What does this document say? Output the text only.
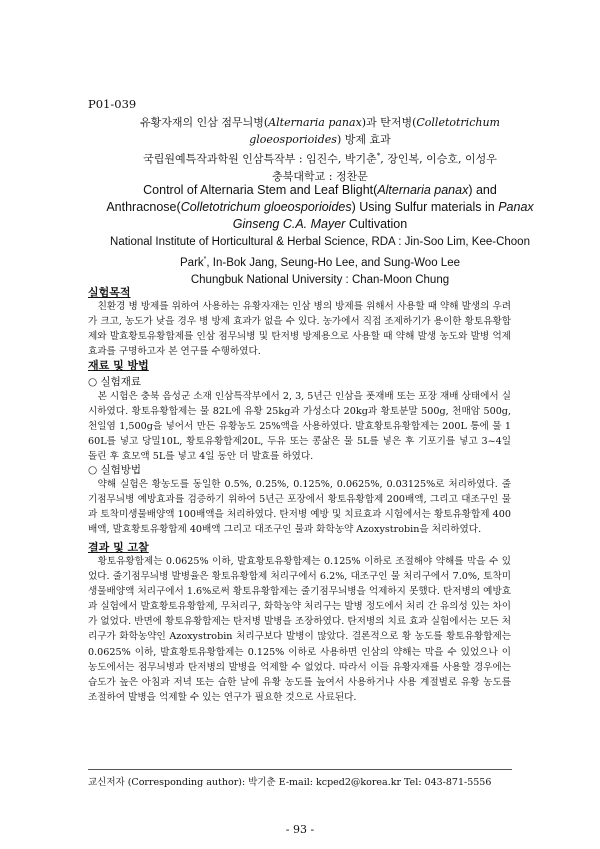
P01-039
유황자재의 인삼 점무늬병(Alternaria panax)과 탄저병(Colletotrichum
gloeosporioides) 방제 효과
국립원예특작과학원 인삼특작부 : 임진수, 박기춘*, 장인복, 이승호, 이성우
충북대학교 : 정찬문
Control of Alternaria Stem and Leaf Blight(Alternaria panax) and
Anthracnose(Colletotrichum gloeosporioides) Using Sulfur materials in Panax
Ginseng C.A. Mayer Cultivation
National Institute of Horticultural & Herbal Science, RDA : Jin-Soo Lim, Kee-Choon
Park*, In-Bok Jang, Seung-Ho Lee, and Sung-Woo Lee
Chungbuk National University : Chan-Moon Chung
실험목적
친환경 병 방제를 위하여 사용하는 유황자재는 인삼 병의 방제를 위해서 사용할 때 약해 발생의 우려가 크고, 농도가 낮을 경우 병 방제 효과가 없을 수 있다. 농가에서 직접 조제하기가 용이한 황토유황합제와 발효황토유황합제를 인삼 점무늬병 및 탄저병 방제용으로 사용할 때 약해 발생 농도와 발병 억제 효과를 구명하고자 본 연구를 수행하였다.
재료 및 방법
○ 실험재료
본 시험은 충북 음성군 소재 인삼특작부에서 2, 3, 5년근 인삼을 폿재배 또는 포장 재배 상태에서 실시하였다. 황토유황합제는 물 82L에 유황 25kg과 가성소다 20kg과 황토분말 500g, 천매암 500g, 천일염 1,500g을 넣어서 만든 유황농도 25%액을 사용하였다. 발효황토유황합제는 200L 통에 물 160L를 넣고 당밀10L, 황토유황합제20L, 두유 또는 콩삶은 물 5L를 넣은 후 기포기를 넣고 3~4일 돌린 후 효모액 5L를 넣고 4일 동안 더 발효를 하였다.
○ 실험방법
약해 실험은 황농도를 동일한 0.5%, 0.25%, 0.125%, 0.0625%, 0.03125%로 처리하였다. 줄기점무늬병 예방효과를 검증하기 위하여 5년근 포장에서 황토유황합제 200배액, 그리고 대조구인 물과 토착미생물배양액 100배액을 처리하였다. 탄저병 예방 및 치료효과 시험에서는 황토유황합제 400배액, 발효황토유황합제 40배액 그리고 대조구인 물과 화학농약 Azoxystrobin을 처리하였다.
결과 및 고찰
황토유황합제는 0.0625% 이하, 발효황토유황합제는 0.125% 이하로 조절해야 약해를 막을 수 있었다. 줄기점무늬병 발병율은 황토유황합제 처리구에서 6.2%, 대조구인 물 처리구에서 7.0%, 토착미생물배양액 처리구에서 1.6%로써 황토유황합제는 줄기점무늬병을 억제하지 못했다. 탄저병의 예방효과 실험에서 발효황토유황합제, 무처리구, 화학농약 처리구는 발병 정도에서 처리 간 유의성 있는 차이가 없었다. 반면에 황토유황합제는 탄저병 발병을 조장하였다. 탄저병의 치료 효과 실험에서는 모든 처리구가 화학농약인 Azoxystrobin 처리구보다 발병이 많았다. 결론적으로 황 농도를 황토유황합제는 0.0625% 이하, 발효황토유황합제는 0.125% 이하로 사용하면 인삼의 약해는 막을 수 있었으나 이 농도에서는 점무늬병과 탄저병의 발병을 억제할 수 없었다. 따라서 이들 유황자재를 사용할 경우에는 습도가 높은 아침과 저녁 또는 습한 날에 유황 농도를 높여서 사용하거나 사용 계절별로 유황 농도를 조절하여 발병을 억제할 수 있는 연구가 필요한 것으로 사료된다.
교신저자 (Corresponding author): 박기춘 E-mail: kcped2@korea.kr Tel: 043-871-5556
- 93 -
